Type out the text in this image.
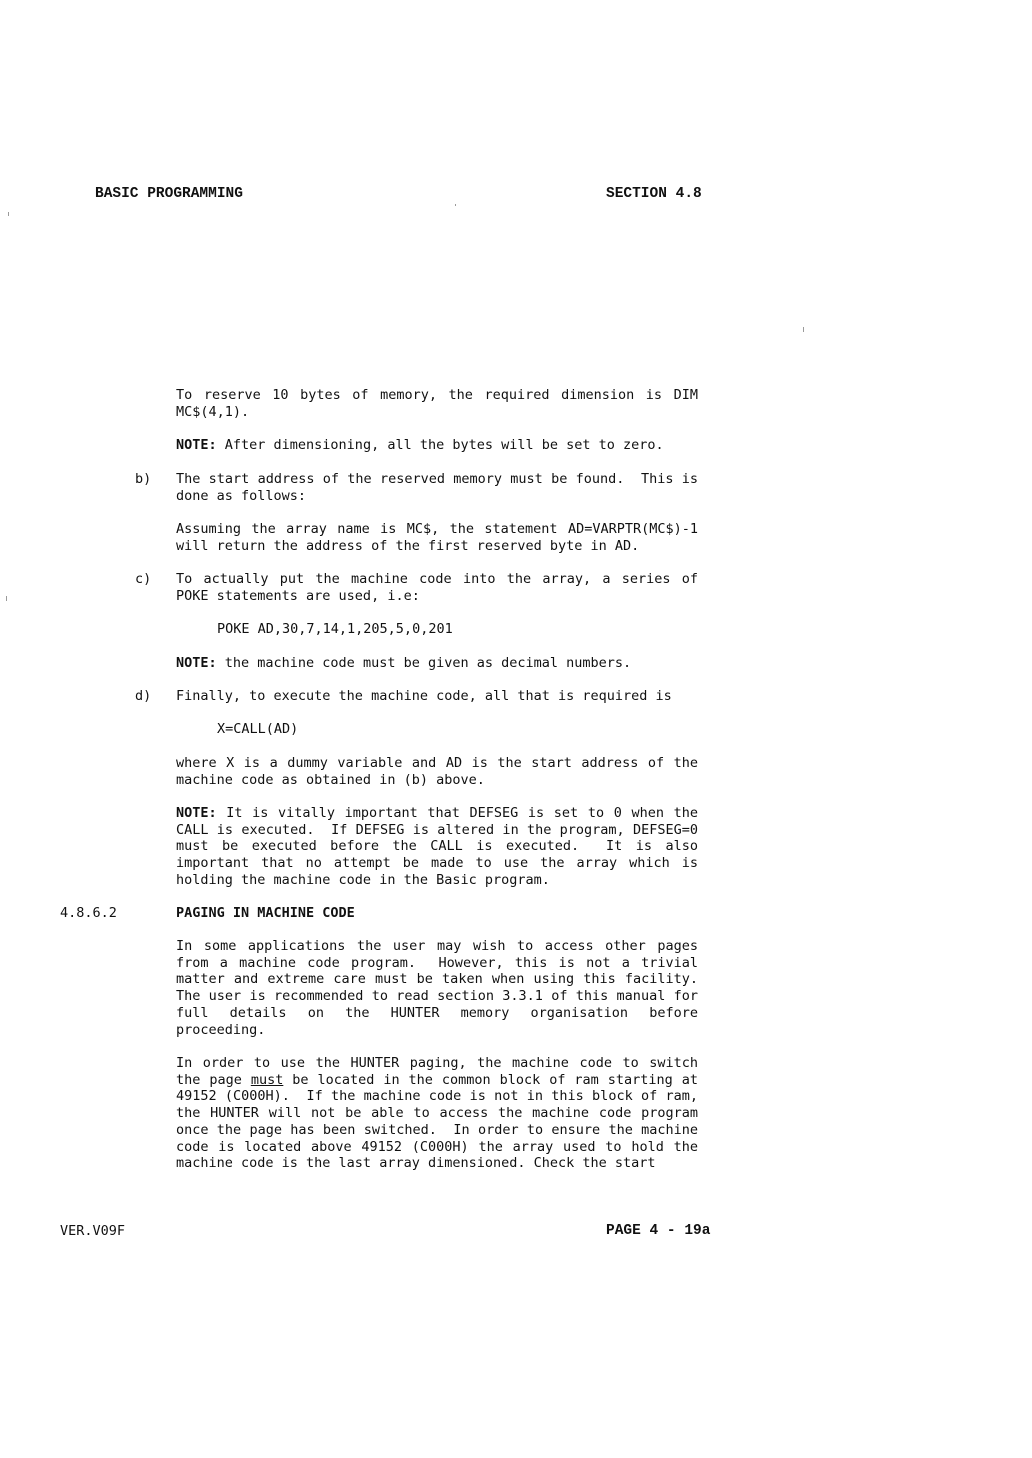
BASIC PROGRAMMING	SECTION 4.8
To reserve 10 bytes of memory, the required dimension is DIM
MC$(4,1).
NOTE: After dimensioning, all the bytes will be set to zero.
b) The start address of the reserved memory must be found.  This is
done as follows:
Assuming the array name is MC$, the statement AD=VARPTR(MC$)-1
will return the address of the first reserved byte in AD.
c) To actually put the machine code into the array, a series of
POKE statements are used, i.e:
POKE AD,30,7,14,1,205,5,0,201
NOTE: the machine code must be given as decimal numbers.
d) Finally, to execute the machine code, all that is required is
X=CALL(AD)
where X is a dummy variable and AD is the start address of the
machine code as obtained in (b) above.
NOTE: It is vitally important that DEFSEG is set to 0 when the
CALL is executed.  If DEFSEG is altered in the program, DEFSEG=0
must be executed before the CALL is executed.  It is also
important that no attempt be made to use the array which is
holding the machine code in the Basic program.
4.8.6.2	PAGING IN MACHINE CODE
In some applications the user may wish to access other pages
from a machine code program.  However, this is not a trivial
matter and extreme care must be taken when using this facility.
The user is recommended to read section 3.3.1 of this manual for
full details on the HUNTER memory organisation before
proceeding.
In order to use the HUNTER paging, the machine code to switch
the page must be located in the common block of ram starting at
49152 (C000H).  If the machine code is not in this block of ram,
the HUNTER will not be able to access the machine code program
once the page has been switched.  In order to ensure the machine
code is located above 49152 (C000H) the array used to hold the
machine code is the last array dimensioned. Check the start
VER.V09F	PAGE 4 - 19a
